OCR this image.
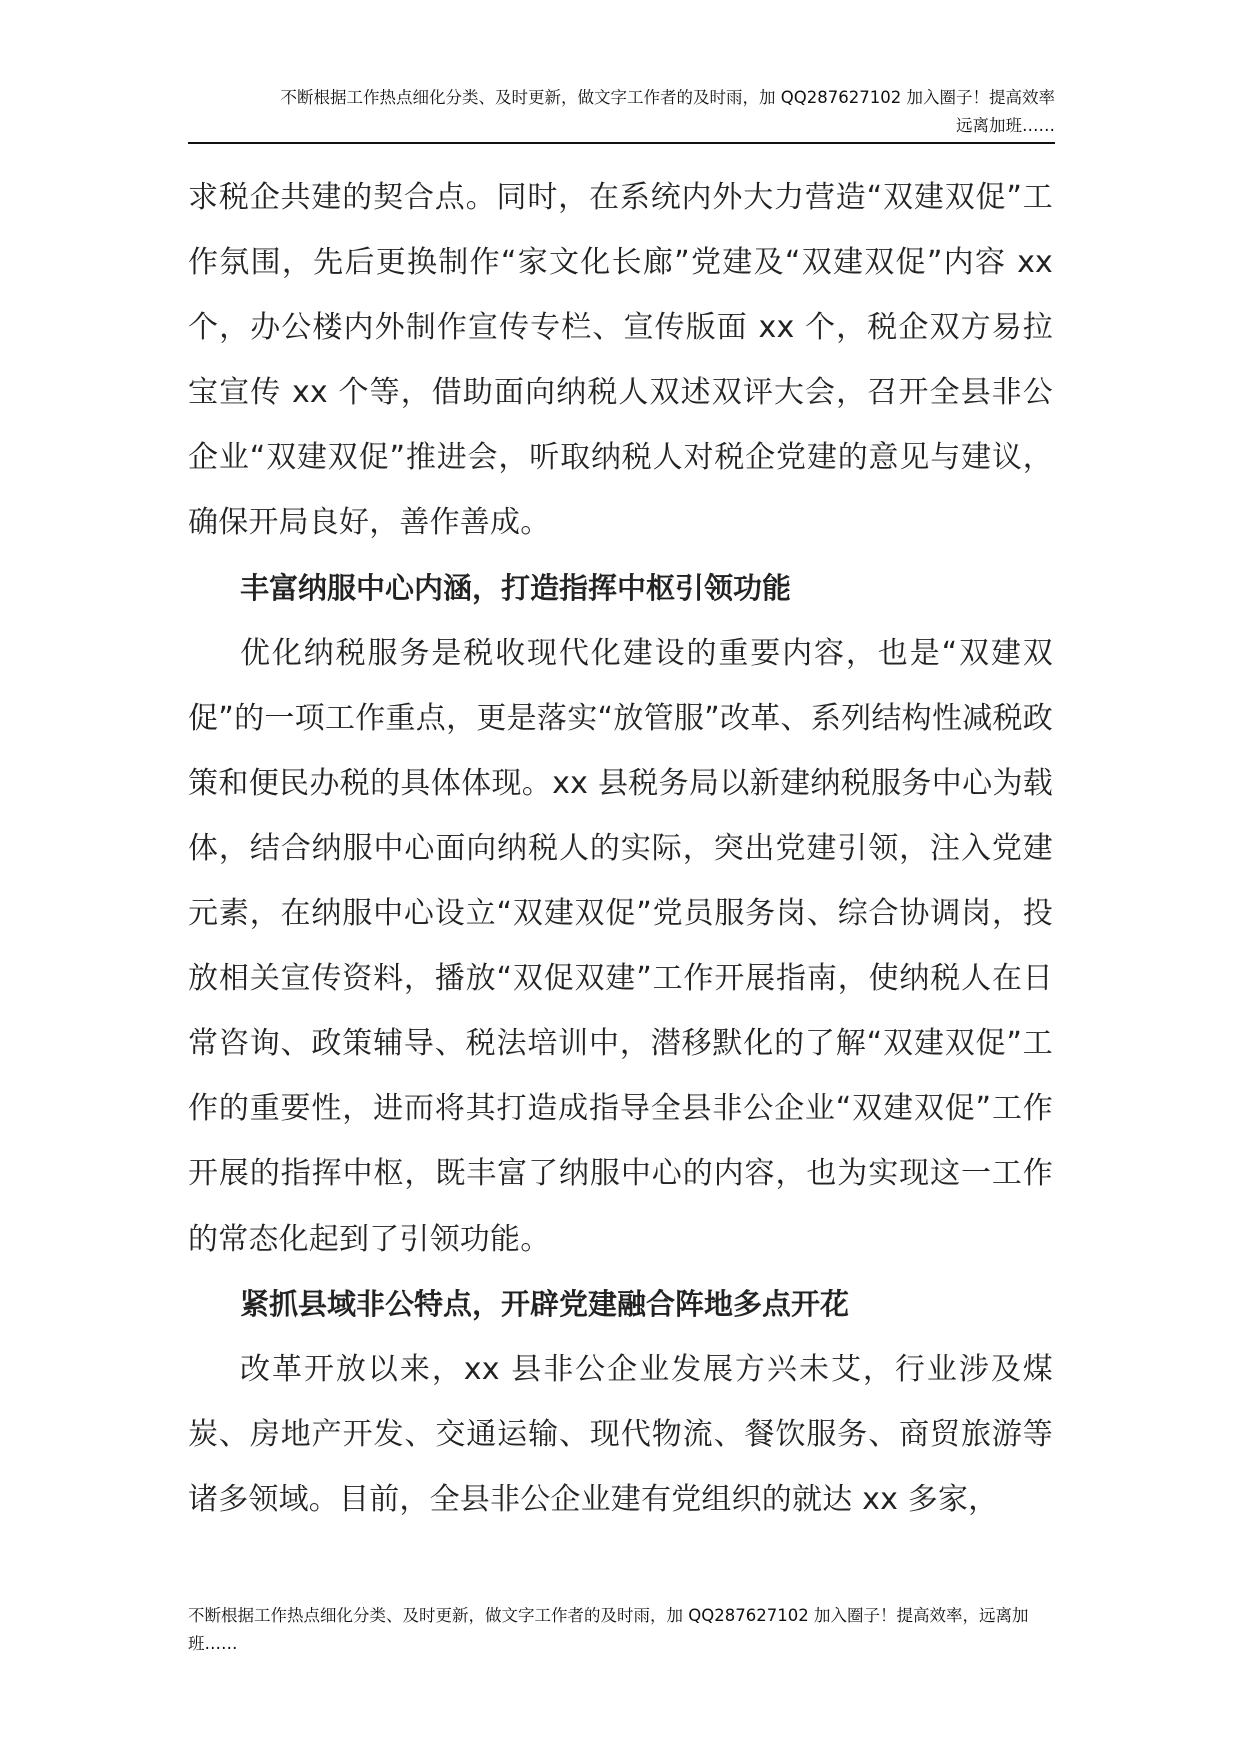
不断根据工作热点细化分类、及时更新，做文字工作者的及时雨，加 QQ287627102 加入圈子！提高效率
远离加班……

求税企共建的契合点。同时，在系统内外大力营造“双建双促”工作氛围，先后更换制作“家文化长廊”党建及“双建双促”内容 xx 个，办公楼内外制作宣传专栏、宣传版面 xx 个，税企双方易拉宝宣传 xx 个等，借助面向纳税人双述双评大会，召开全县非公企业“双建双促”推进会，听取纳税人对税企党建的意见与建议，确保开局良好，善作善成。

丰富纳服中心内涵，打造指挥中枢引领功能

优化纳税服务是税收现代化建设的重要内容，也是“双建双促”的一项工作重点，更是落实“放管服”改革、系列结构性减税政策和便民办税的具体体现。xx 县税务局以新建纳税服务中心为载体，结合纳服中心面向纳税人的实际，突出党建引领，注入党建元素，在纳服中心设立“双建双促”党员服务岗、综合协调岗，投放相关宣传资料，播放“双促双建”工作开展指南，使纳税人在日常咨询、政策辅导、税法培训中，潜移默化的了解“双建双促”工作的重要性，进而将其打造成指导全县非公企业“双建双促”工作开展的指挥中枢，既丰富了纳服中心的内容，也为实现这一工作的常态化起到了引领功能。

紧抓县域非公特点，开辟党建融合阵地多点开花

改革开放以来，xx 县非公企业发展方兴未艾，行业涉及煤炭、房地产开发、交通运输、现代物流、餐饮服务、商贸旅游等诸多领域。目前，全县非公企业建有党组织的就达 xx 多家，

不断根据工作热点细化分类、及时更新，做文字工作者的及时雨，加 QQ287627102 加入圈子！提高效率，远离加班……
